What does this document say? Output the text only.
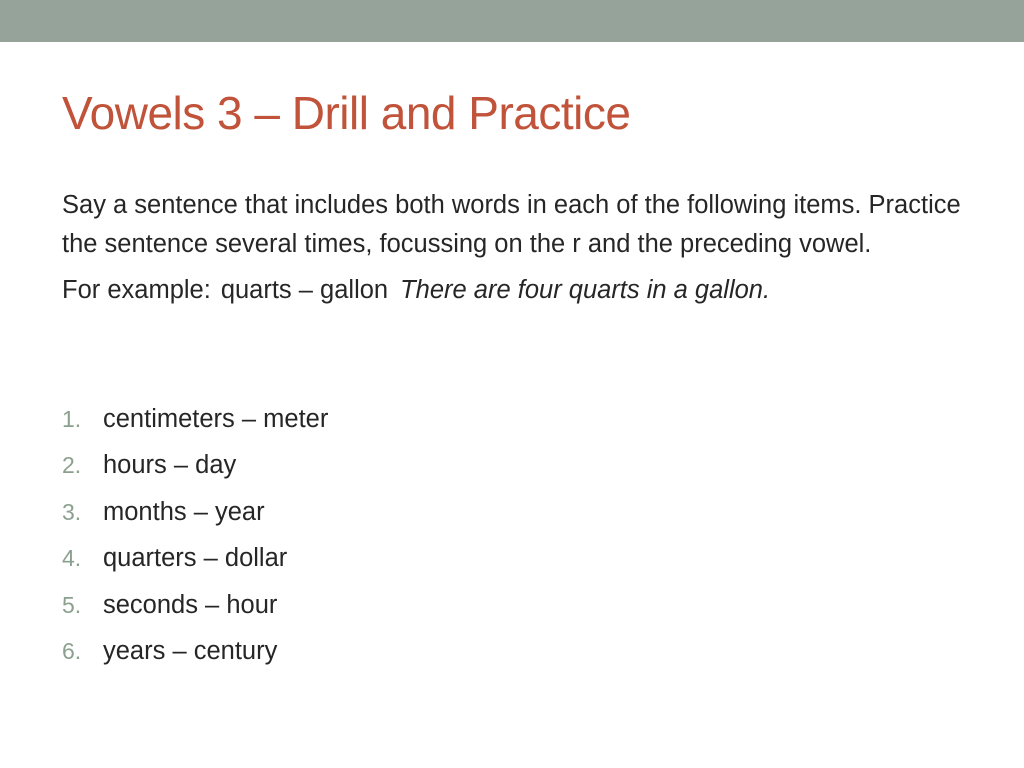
Vowels 3 – Drill and Practice

Say a sentence that includes both words in each of the following items. Practice the sentence several times, focussing on the r and the preceding vowel.

For example: quarts – gallon There are four quarts in a gallon.

1. centimeters – meter
2. hours – day
3. months – year
4. quarters – dollar
5. seconds – hour
6. years – century
